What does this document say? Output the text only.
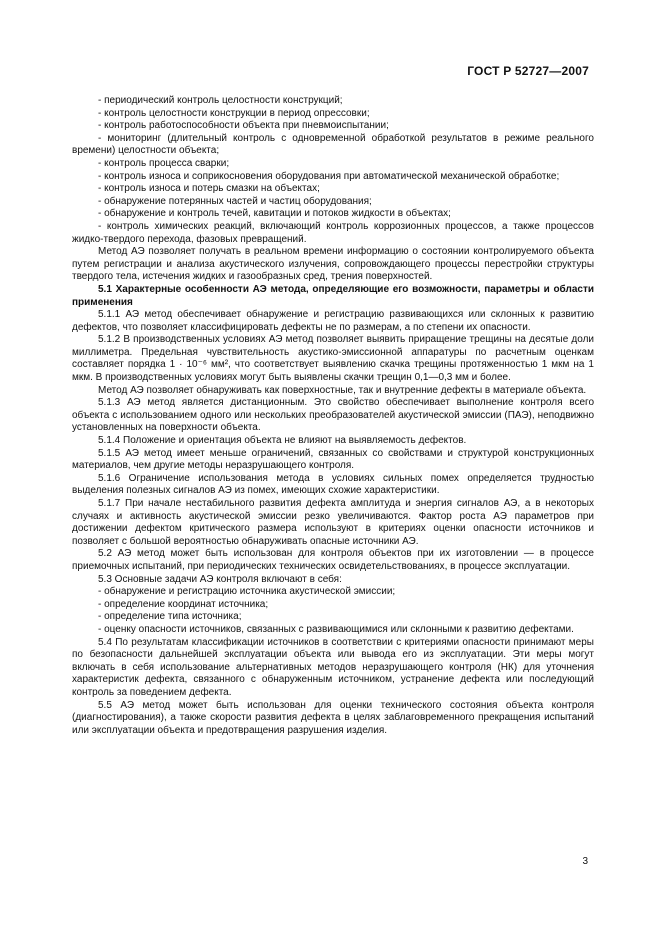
ГОСТ Р 52727—2007

- периодический контроль целостности конструкций;

- контроль целостности конструкции в период опрессовки;

- контроль работоспособности объекта при пневмоиспытании;

- мониторинг (длительный контроль с одновременной обработкой результатов в режиме реального времени) целостности объекта;

- контроль процесса сварки;

- контроль износа и соприкосновения оборудования при автоматической механической обработке;

- контроль износа и потерь смазки на объектах;

- обнаружение потерянных частей и частиц оборудования;

- обнаружение и контроль течей, кавитации и потоков жидкости в объектах;

- контроль химических реакций, включающий контроль коррозионных процессов, а также процессов жидко-твердого перехода, фазовых превращений.

Метод АЭ позволяет получать в реальном времени информацию о состоянии контролируемого объекта путем регистрации и анализа акустического излучения, сопровождающего процессы перестройки структуры твердого тела, истечения жидких и газообразных сред, трения поверхностей.

5.1 Характерные особенности АЭ метода, определяющие его возможности, параметры и области применения

5.1.1 АЭ метод обеспечивает обнаружение и регистрацию развивающихся или склонных к развитию дефектов, что позволяет классифицировать дефекты не по размерам, а по степени их опасности.

5.1.2 В производственных условиях АЭ метод позволяет выявить приращение трещины на десятые доли миллиметра. Предельная чувствительность акустико-эмиссионной аппаратуры по расчетным оценкам составляет порядка 1 · 10⁻⁶ мм², что соответствует выявлению скачка трещины протяженностью 1 мкм на 1 мкм. В производственных условиях могут быть выявлены скачки трещин 0,1—0,3 мм и более.

Метод АЭ позволяет обнаруживать как поверхностные, так и внутренние дефекты в материале объекта.

5.1.3 АЭ метод является дистанционным. Это свойство обеспечивает выполнение контроля всего объекта с использованием одного или нескольких преобразователей акустической эмиссии (ПАЭ), неподвижно установленных на поверхности объекта.

5.1.4 Положение и ориентация объекта не влияют на выявляемость дефектов.

5.1.5 АЭ метод имеет меньше ограничений, связанных со свойствами и структурой конструкционных материалов, чем другие методы неразрушающего контроля.

5.1.6 Ограничение использования метода в условиях сильных помех определяется трудностью выделения полезных сигналов АЭ из помех, имеющих схожие характеристики.

5.1.7 При начале нестабильного развития дефекта амплитуда и энергия сигналов АЭ, а в некоторых случаях и активность акустической эмиссии резко увеличиваются. Фактор роста АЭ параметров при достижении дефектом критического размера используют в критериях оценки опасности источников и позволяет с большой вероятностью обнаруживать опасные источники АЭ.

5.2 АЭ метод может быть использован для контроля объектов при их изготовлении — в процессе приемочных испытаний, при периодических технических освидетельствованиях, в процессе эксплуатации.

5.3 Основные задачи АЭ контроля включают в себя:

- обнаружение и регистрацию источника акустической эмиссии;

- определение координат источника;

- определение типа источника;

- оценку опасности источников, связанных с развивающимися или склонными к развитию дефектами.

5.4 По результатам классификации источников в соответствии с критериями опасности принимают меры по безопасности дальнейшей эксплуатации объекта или вывода его из эксплуатации. Эти меры могут включать в себя использование альтернативных методов неразрушающего контроля (НК) для уточнения характеристик дефекта, связанного с обнаруженным источником, устранение дефекта или последующий контроль за поведением дефекта.

5.5 АЭ метод может быть использован для оценки технического состояния объекта контроля (диагностирования), а также скорости развития дефекта в целях заблаговременного прекращения испытаний или эксплуатации объекта и предотвращения разрушения изделия.

3
